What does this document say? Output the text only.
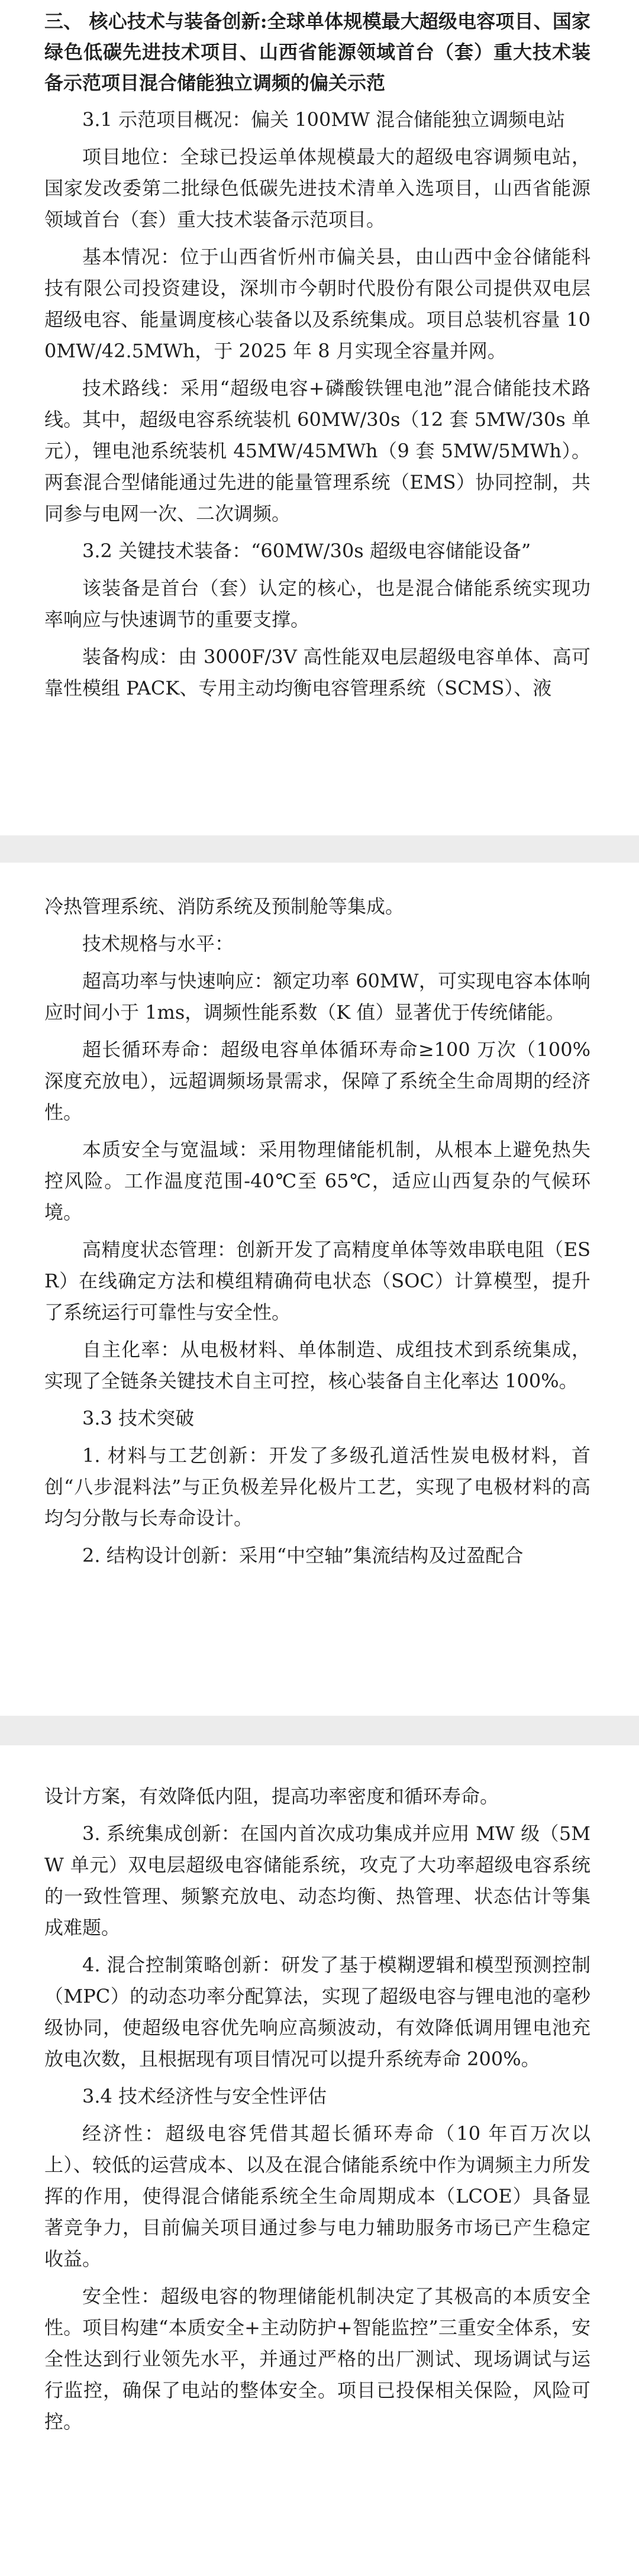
三、 核心技术与装备创新:全球单体规模最大超级电容项目、国家绿色低碳先进技术项目、山西省能源领域首台（套）重大技术装备示范项目混合储能独立调频的偏关示范

3.1 示范项目概况：偏关 100MW 混合储能独立调频电站

项目地位：全球已投运单体规模最大的超级电容调频电站，国家发改委第二批绿色低碳先进技术清单入选项目，山西省能源领域首台（套）重大技术装备示范项目。

基本情况：位于山西省忻州市偏关县，由山西中金谷储能科技有限公司投资建设，深圳市今朝时代股份有限公司提供双电层超级电容、能量调度核心装备以及系统集成。项目总装机容量 100MW/42.5MWh，于 2025 年 8 月实现全容量并网。

技术路线：采用“超级电容+磷酸铁锂电池”混合储能技术路线。其中，超级电容系统装机 60MW/30s（12 套 5MW/30s 单元），锂电池系统装机 45MW/45MWh（9 套 5MW/5MWh）。两套混合型储能通过先进的能量管理系统（EMS）协同控制，共同参与电网一次、二次调频。

3.2 关键技术装备：“60MW/30s 超级电容储能设备”

该装备是首台（套）认定的核心，也是混合储能系统实现功率响应与快速调节的重要支撑。

装备构成：由 3000F/3V 高性能双电层超级电容单体、高可靠性模组 PACK、专用主动均衡电容管理系统（SCMS）、液

冷热管理系统、消防系统及预制舱等集成。

技术规格与水平：

超高功率与快速响应：额定功率 60MW，可实现电容本体响应时间小于 1ms，调频性能系数（K 值）显著优于传统储能。

超长循环寿命：超级电容单体循环寿命≥100 万次（100%深度充放电），远超调频场景需求，保障了系统全生命周期的经济性。

本质安全与宽温域：采用物理储能机制，从根本上避免热失控风险。工作温度范围-40℃至 65℃，适应山西复杂的气候环境。

高精度状态管理：创新开发了高精度单体等效串联电阻（ESR）在线确定方法和模组精确荷电状态（SOC）计算模型，提升了系统运行可靠性与安全性。

自主化率：从电极材料、单体制造、成组技术到系统集成，实现了全链条关键技术自主可控，核心装备自主化率达 100%。

3.3 技术突破

1. 材料与工艺创新：开发了多级孔道活性炭电极材料，首创“八步混料法”与正负极差异化极片工艺，实现了电极材料的高均匀分散与长寿命设计。

2. 结构设计创新：采用“中空轴”集流结构及过盈配合

设计方案，有效降低内阻，提高功率密度和循环寿命。

3. 系统集成创新：在国内首次成功集成并应用 MW 级（5MW 单元）双电层超级电容储能系统，攻克了大功率超级电容系统的一致性管理、频繁充放电、动态均衡、热管理、状态估计等集成难题。

4. 混合控制策略创新：研发了基于模糊逻辑和模型预测控制（MPC）的动态功率分配算法，实现了超级电容与锂电池的毫秒级协同，使超级电容优先响应高频波动，有效降低调用锂电池充放电次数，且根据现有项目情况可以提升系统寿命 200%。

3.4 技术经济性与安全性评估

经济性：超级电容凭借其超长循环寿命（10 年百万次以上）、较低的运营成本、以及在混合储能系统中作为调频主力所发挥的作用，使得混合储能系统全生命周期成本（LCOE）具备显著竞争力，目前偏关项目通过参与电力辅助服务市场已产生稳定收益。

安全性：超级电容的物理储能机制决定了其极高的本质安全性。项目构建“本质安全+主动防护+智能监控”三重安全体系，安全性达到行业领先水平，并通过严格的出厂测试、现场调试与运行监控，确保了电站的整体安全。项目已投保相关保险，风险可控。
